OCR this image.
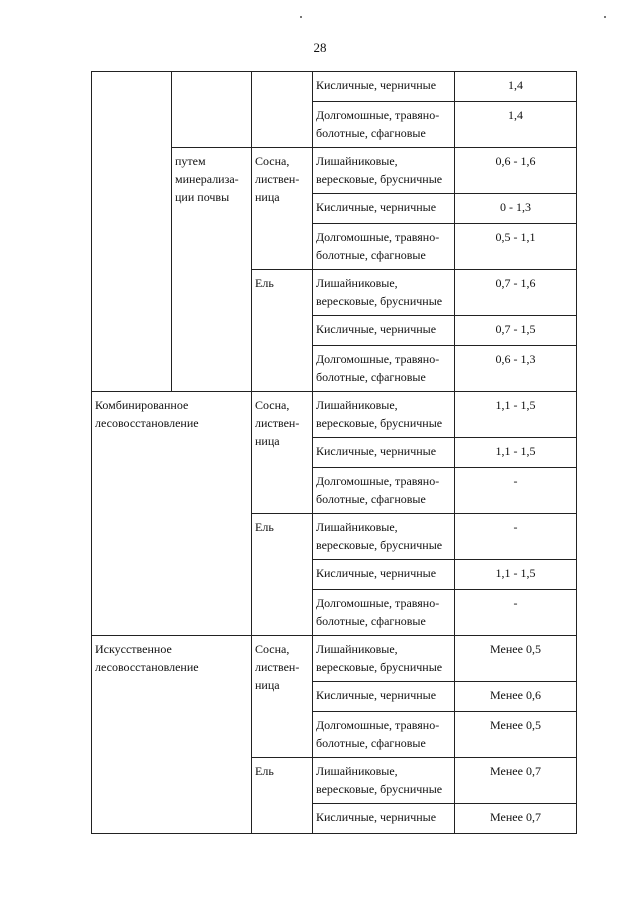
28
			Кисличные, черничные	1,4
			Долгомошные, травяно-болотные, сфагновые	1,4
	путем минерализа-ции почвы	Сосна, листвен-ница	Лишайниковые, вересковые, брусничные	0,6 - 1,6
			Кисличные, черничные	0 - 1,3
			Долгомошные, травяно-болотные, сфагновые	0,5 - 1,1
		Ель	Лишайниковые, вересковые, брусничные	0,7 - 1,6
			Кисличные, черничные	0,7 - 1,5
			Долгомошные, травяно-болотные, сфагновые	0,6 - 1,3
Комбинированное лесовосстановление		Сосна, листвен-ница	Лишайниковые, вересковые, брусничные	1,1 - 1,5
			Кисличные, черничные	1,1 - 1,5
			Долгомошные, травяно-болотные, сфагновые	-
		Ель	Лишайниковые, вересковые, брусничные	-
			Кисличные, черничные	1,1 - 1,5
			Долгомошные, травяно-болотные, сфагновые	-
Искусственное лесовосстановление		Сосна, листвен-ница	Лишайниковые, вересковые, брусничные	Менее 0,5
			Кисличные, черничные	Менее 0,6
			Долгомошные, травяно-болотные, сфагновые	Менее 0,5
		Ель	Лишайниковые, вересковые, брусничные	Менее 0,7
			Кисличные, черничные	Менее 0,7
